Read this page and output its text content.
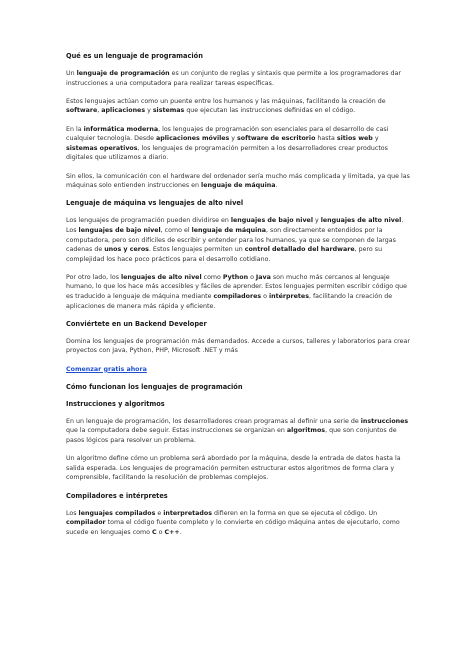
Qué es un lenguaje de programación

Un lenguaje de programación es un conjunto de reglas y sintaxis que permite a los programadores dar instrucciones a una computadora para realizar tareas específicas.

Estos lenguajes actúan como un puente entre los humanos y las máquinas, facilitando la creación de software, aplicaciones y sistemas que ejecutan las instrucciones definidas en el código.

En la informática moderna, los lenguajes de programación son esenciales para el desarrollo de casi cualquier tecnología. Desde aplicaciones móviles y software de escritorio hasta sitios web y sistemas operativos, los lenguajes de programación permiten a los desarrolladores crear productos digitales que utilizamos a diario.

Sin ellos, la comunicación con el hardware del ordenador sería mucho más complicada y limitada, ya que las máquinas solo entienden instrucciones en lenguaje de máquina.

Lenguaje de máquina vs lenguajes de alto nivel

Los lenguajes de programación pueden dividirse en lenguajes de bajo nivel y lenguajes de alto nivel. Los lenguajes de bajo nivel, como el lenguaje de máquina, son directamente entendidos por la computadora, pero son difíciles de escribir y entender para los humanos, ya que se componen de largas cadenas de unos y ceros. Estos lenguajes permiten un control detallado del hardware, pero su complejidad los hace poco prácticos para el desarrollo cotidiano.

Por otro lado, los lenguajes de alto nivel como Python o Java son mucho más cercanos al lenguaje humano, lo que los hace más accesibles y fáciles de aprender. Estos lenguajes permiten escribir código que es traducido a lenguaje de máquina mediante compiladores o intérpretes, facilitando la creación de aplicaciones de manera más rápida y eficiente.

Conviértete en un Backend Developer

Domina los lenguajes de programación más demandados. Accede a cursos, talleres y laboratorios para crear proyectos con Java, Python, PHP, Microsoft .NET y más

Comenzar gratis ahora
Cómo funcionan los lenguajes de programación
Instrucciones y algoritmos

En un lenguaje de programación, los desarrolladores crean programas al definir una serie de instrucciones que la computadora debe seguir. Estas instrucciones se organizan en algoritmos, que son conjuntos de pasos lógicos para resolver un problema.

Un algoritmo define cómo un problema será abordado por la máquina, desde la entrada de datos hasta la salida esperada. Los lenguajes de programación permiten estructurar estos algoritmos de forma clara y comprensible, facilitando la resolución de problemas complejos.

Compiladores e intérpretes

Los lenguajes compilados e interpretados difieren en la forma en que se ejecuta el código. Un compilador toma el código fuente completo y lo convierte en código máquina antes de ejecutarlo, como sucede en lenguajes como C o C++.
